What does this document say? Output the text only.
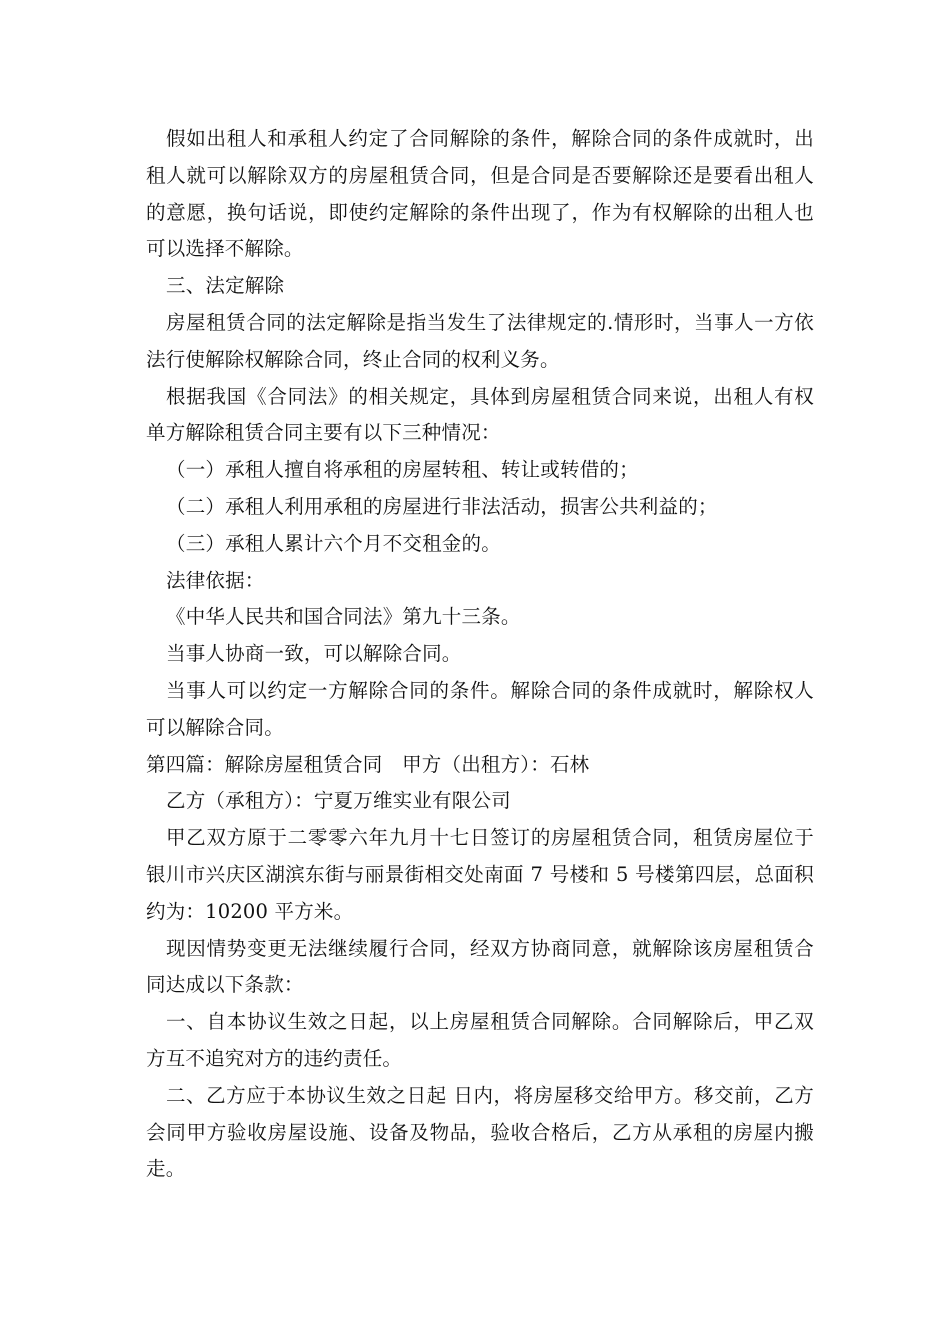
假如出租人和承租人约定了合同解除的条件，解除合同的条件成就时，出租人就可以解除双方的房屋租赁合同，但是合同是否要解除还是要看出租人的意愿，换句话说，即使约定解除的条件出现了，作为有权解除的出租人也可以选择不解除。

三、法定解除

房屋租赁合同的法定解除是指当发生了法律规定的.情形时，当事人一方依法行使解除权解除合同，终止合同的权利义务。

根据我国《合同法》的相关规定，具体到房屋租赁合同来说，出租人有权单方解除租赁合同主要有以下三种情况：

（一）承租人擅自将承租的房屋转租、转让或转借的；

（二）承租人利用承租的房屋进行非法活动，损害公共利益的；

（三）承租人累计六个月不交租金的。

法律依据：

《中华人民共和国合同法》第九十三条。

当事人协商一致，可以解除合同。

当事人可以约定一方解除合同的条件。解除合同的条件成就时，解除权人可以解除合同。

第四篇：解除房屋租赁合同　甲方（出租方）：石林

乙方（承租方）：宁夏万维实业有限公司

甲乙双方原于二零零六年九月十七日签订的房屋租赁合同，租赁房屋位于银川市兴庆区湖滨东街与丽景街相交处南面 7 号楼和 5 号楼第四层，总面积约为：10200 平方米。

现因情势变更无法继续履行合同，经双方协商同意，就解除该房屋租赁合同达成以下条款：

一、自本协议生效之日起，以上房屋租赁合同解除。合同解除后，甲乙双方互不追究对方的违约责任。

二、乙方应于本协议生效之日起 日内，将房屋移交给甲方。移交前，乙方会同甲方验收房屋设施、设备及物品，验收合格后，乙方从承租的房屋内搬走。
